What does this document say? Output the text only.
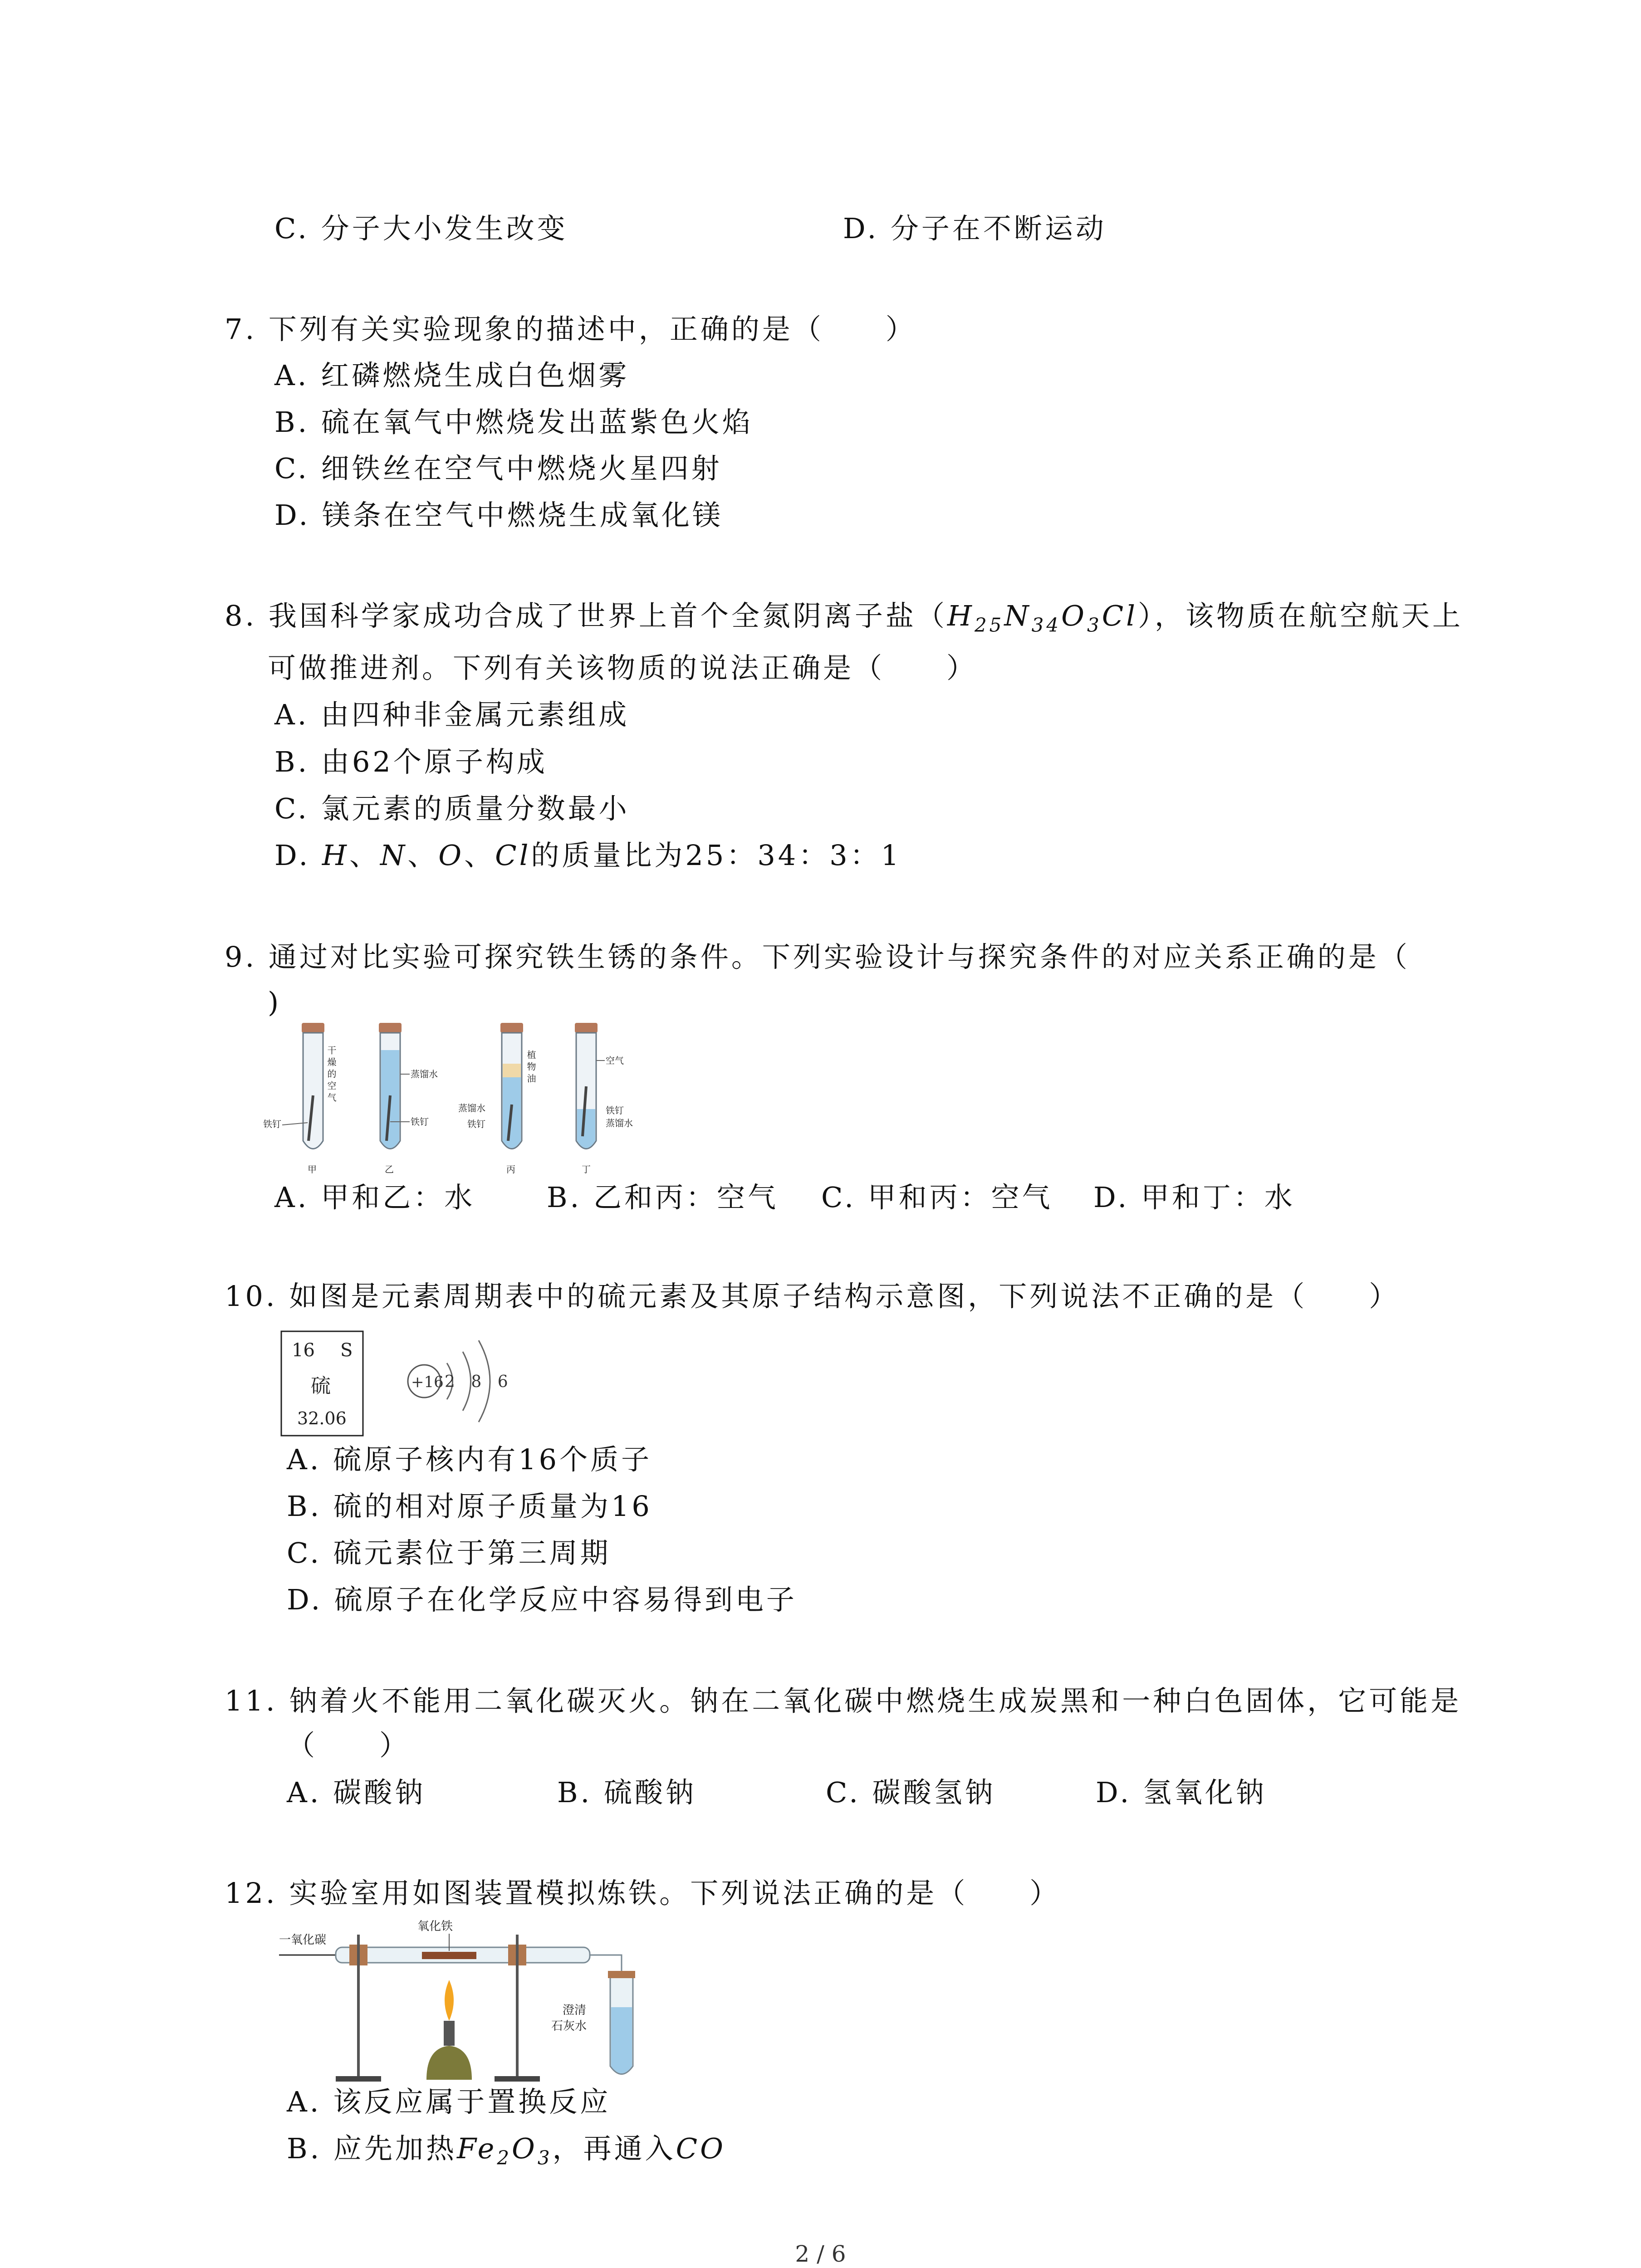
C. 分子大小发生改变	D. 分子在不断运动
7. 下列有关实验现象的描述中，正确的是（　　）
A. 红磷燃烧生成白色烟雾
B. 硫在氧气中燃烧发出蓝紫色火焰
C. 细铁丝在空气中燃烧火星四射
D. 镁条在空气中燃烧生成氧化镁
8. 我国科学家成功合成了世界上首个全氮阴离子盐$(H_{25}N_{34}O_3Cl)$，该物质在航空航天上
可做推进剂。下列有关该物质的说法正确是（　　）
A. 由四种非金属元素组成
B. 由62个原子构成
C. 氯元素的质量分数最小
D. H、N、O、Cl的质量比为25：34：3：1
9. 通过对比实验可探究铁生锈的条件。下列实验设计与探究条件的对应关系正确的是（
)
干燥的空气
铁钉
甲
蒸馏水
铁钉
乙
植物油
蒸馏水
铁钉
丙
空气
铁钉
蒸馏水
丁
A. 甲和乙：水	B. 乙和丙：空气 C. 甲和丙：空气 D. 甲和丁：水
10. 如图是元素周期表中的硫元素及其原子结构示意图，下列说法不正确的是（　　）
16 S
硫
32.06
+16 2 8 6
A. 硫原子核内有16个质子
B. 硫的相对原子质量为16
C. 硫元素位于第三周期
D. 硫原子在化学反应中容易得到电子
11. 钠着火不能用二氧化碳灭火。钠在二氧化碳中燃烧生成炭黑和一种白色固体，它可能是
（　　）
A. 碳酸钠	B. 硫酸钠	C. 碳酸氢钠	D. 氢氧化钠
12. 实验室用如图装置模拟炼铁。下列说法正确的是（　　）
一氧化碳
氧化铁
澄清
石灰水
A. 该反应属于置换反应
B. 应先加热$Fe_2O_3$，再通入CO
2 / 6
